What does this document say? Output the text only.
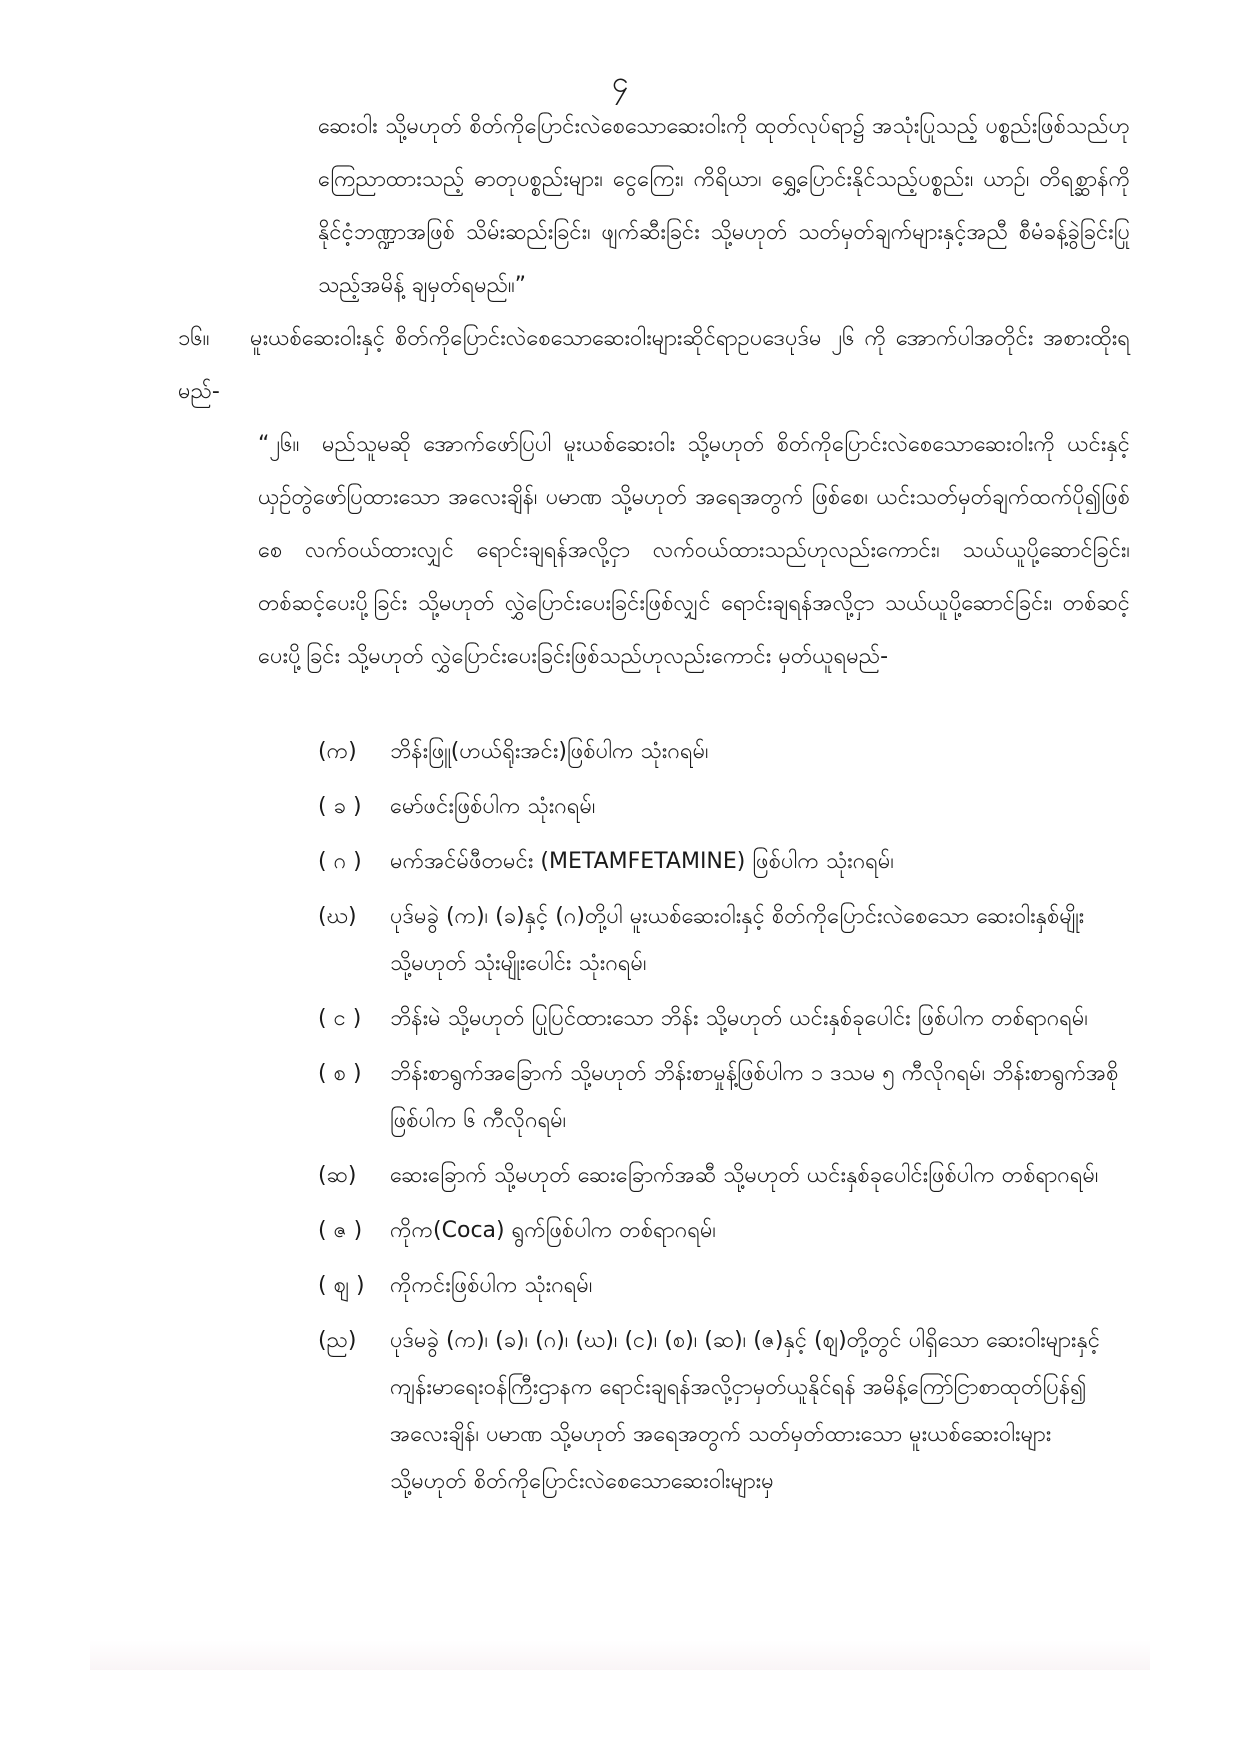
၄

ဆေးဝါး သို့မဟုတ် စိတ်ကိုပြောင်းလဲစေသောဆေးဝါးကို ထုတ်လုပ်ရာ၌ အသုံးပြုသည့် ပစ္စည်းဖြစ်သည်ဟု ကြေညာထားသည့် ဓာတုပစ္စည်းများ၊ ငွေကြေး၊ ကိရိယာ၊ ရွှေ့ပြောင်းနိုင်သည့်ပစ္စည်း၊ ယာဉ်၊ တိရစ္ဆာန်ကို နိုင်ငံ့ဘဏ္ဍာအဖြစ် သိမ်းဆည်းခြင်း၊ ဖျက်ဆီးခြင်း သို့မဟုတ် သတ်မှတ်ချက်များနှင့်အညီ စီမံခန့်ခွဲခြင်းပြုသည့်အမိန့် ချမှတ်ရမည်။”

၁၆။ မူးယစ်ဆေးဝါးနှင့် စိတ်ကိုပြောင်းလဲစေသောဆေးဝါးများဆိုင်ရာဥပဒေပုဒ်မ ၂၆ ကို အောက်ပါအတိုင်း အစားထိုးရမည်-

“၂၆။ မည်သူမဆို အောက်ဖော်ပြပါ မူးယစ်ဆေးဝါး သို့မဟုတ် စိတ်ကိုပြောင်းလဲစေသောဆေးဝါးကို ယင်းနှင့် ယှဉ်တွဲဖော်ပြထားသော အလေးချိန်၊ ပမာဏ သို့မဟုတ် အရေအတွက် ဖြစ်စေ၊ ယင်းသတ်မှတ်ချက်ထက်ပို၍ဖြစ်စေ လက်ဝယ်ထားလျှင် ရောင်းချရန်အလို့ငှာ လက်ဝယ်ထားသည်ဟုလည်းကောင်း၊ သယ်ယူပို့ဆောင်ခြင်း၊ တစ်ဆင့်ပေးပို့ခြင်း သို့မဟုတ် လွှဲပြောင်းပေးခြင်းဖြစ်လျှင် ရောင်းချရန်အလို့ငှာ သယ်ယူပို့ဆောင်ခြင်း၊ တစ်ဆင့်ပေးပို့ခြင်း သို့မဟုတ် လွှဲပြောင်းပေးခြင်းဖြစ်သည်ဟုလည်းကောင်း မှတ်ယူရမည်-

(က)	ဘိန်းဖြူ(ဟယ်ရိုးအင်း)ဖြစ်ပါက သုံးဂရမ်၊
( ခ )	မော်ဖင်းဖြစ်ပါက သုံးဂရမ်၊
( ဂ )	မက်အင်မ်ဖီတမင်း (METAMFETAMINE) ဖြစ်ပါက သုံးဂရမ်၊
(ဃ)	ပုဒ်မခွဲ (က)၊ (ခ)နှင့် (ဂ)တို့ပါ မူးယစ်ဆေးဝါးနှင့် စိတ်ကိုပြောင်းလဲစေသော ဆေးဝါးနှစ်မျိုး သို့မဟုတ် သုံးမျိုးပေါင်း သုံးဂရမ်၊
( င )	ဘိန်းမဲ သို့မဟုတ် ပြုပြင်ထားသော ဘိန်း သို့မဟုတ် ယင်းနှစ်ခုပေါင်း ဖြစ်ပါက တစ်ရာဂရမ်၊
( စ )	ဘိန်းစာရွက်အခြောက် သို့မဟုတ် ဘိန်းစာမှုန့်ဖြစ်ပါက ၁ ဒသမ ၅ ကီလိုဂရမ်၊ ဘိန်းစာရွက်အစိုဖြစ်ပါက ၆ ကီလိုဂရမ်၊
(ဆ)	ဆေးခြောက် သို့မဟုတ် ဆေးခြောက်အဆီ သို့မဟုတ် ယင်းနှစ်ခုပေါင်းဖြစ်ပါက တစ်ရာဂရမ်၊
( ဇ )	ကိုက(Coca) ရွက်ဖြစ်ပါက တစ်ရာဂရမ်၊
( ဈ )	ကိုကင်းဖြစ်ပါက သုံးဂရမ်၊
(ည)	ပုဒ်မခွဲ (က)၊ (ခ)၊ (ဂ)၊ (ဃ)၊ (င)၊ (စ)၊ (ဆ)၊ (ဇ)နှင့် (ဈ)တို့တွင် ပါရှိသော ဆေးဝါးများနှင့် ကျန်းမာရေးဝန်ကြီးဌာနက ရောင်းချရန်အလို့ငှာမှတ်ယူနိုင်ရန် အမိန့်ကြော်ငြာစာထုတ်ပြန်၍ အလေးချိန်၊ ပမာဏ သို့မဟုတ် အရေအတွက် သတ်မှတ်ထားသော မူးယစ်ဆေးဝါးများ သို့မဟုတ် စိတ်ကိုပြောင်းလဲစေသောဆေးဝါးများမှ
